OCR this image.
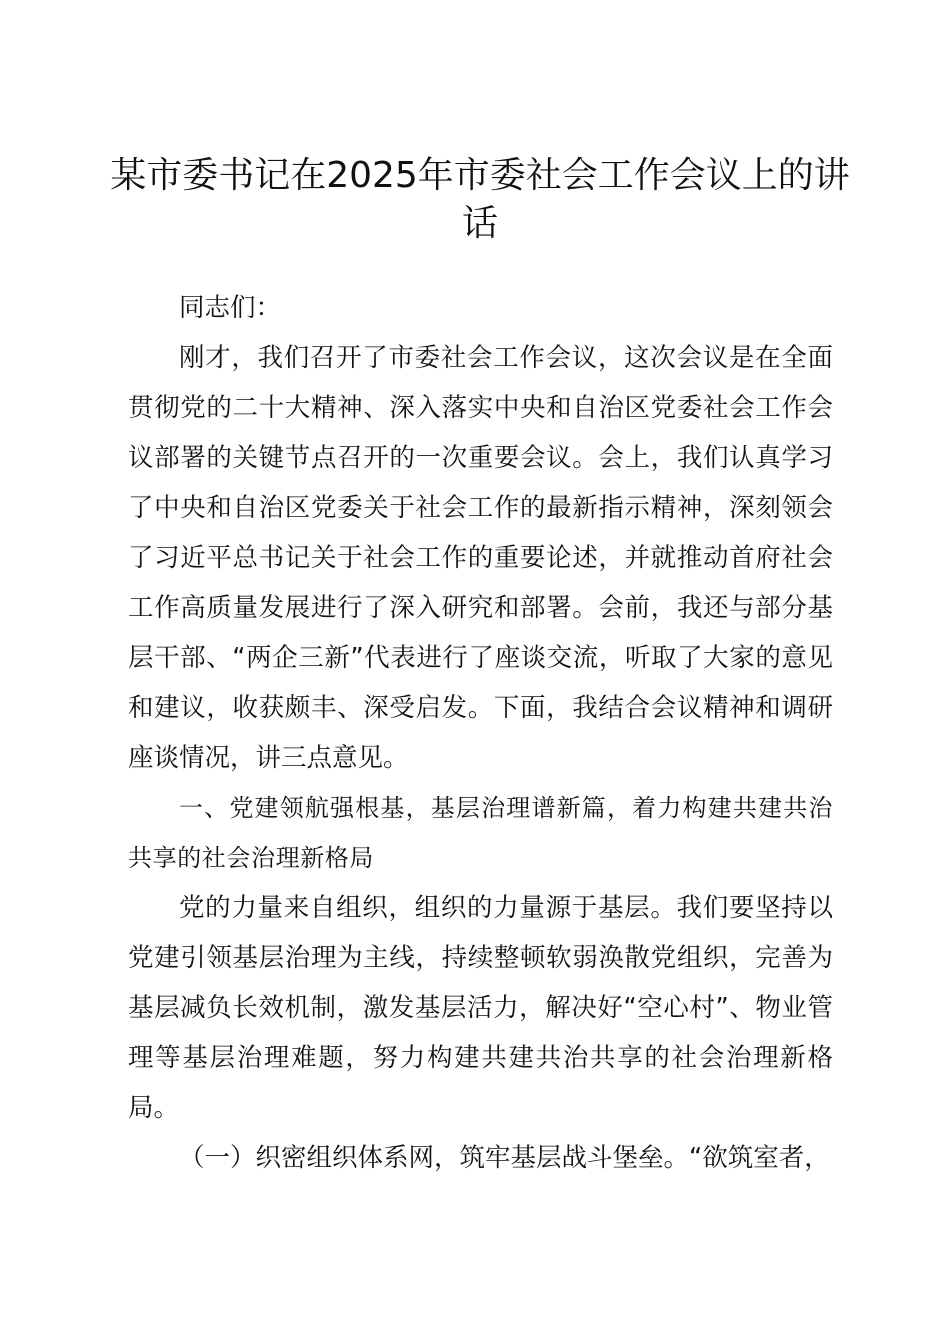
某市委书记在2025年市委社会工作会议上的讲话

同志们：

刚才，我们召开了市委社会工作会议，这次会议是在全面贯彻党的二十大精神、深入落实中央和自治区党委社会工作会议部署的关键节点召开的一次重要会议。会上，我们认真学习了中央和自治区党委关于社会工作的最新指示精神，深刻领会了习近平总书记关于社会工作的重要论述，并就推动首府社会工作高质量发展进行了深入研究和部署。会前，我还与部分基层干部、“两企三新”代表进行了座谈交流，听取了大家的意见和建议，收获颇丰、深受启发。下面，我结合会议精神和调研座谈情况，讲三点意见。

一、党建领航强根基，基层治理谱新篇，着力构建共建共治共享的社会治理新格局

党的力量来自组织，组织的力量源于基层。我们要坚持以党建引领基层治理为主线，持续整顿软弱涣散党组织，完善为基层减负长效机制，激发基层活力，解决好“空心村”、物业管理等基层治理难题，努力构建共建共治共享的社会治理新格局。

（一）织密组织体系网，筑牢基层战斗堡垒。“欲筑室者，
